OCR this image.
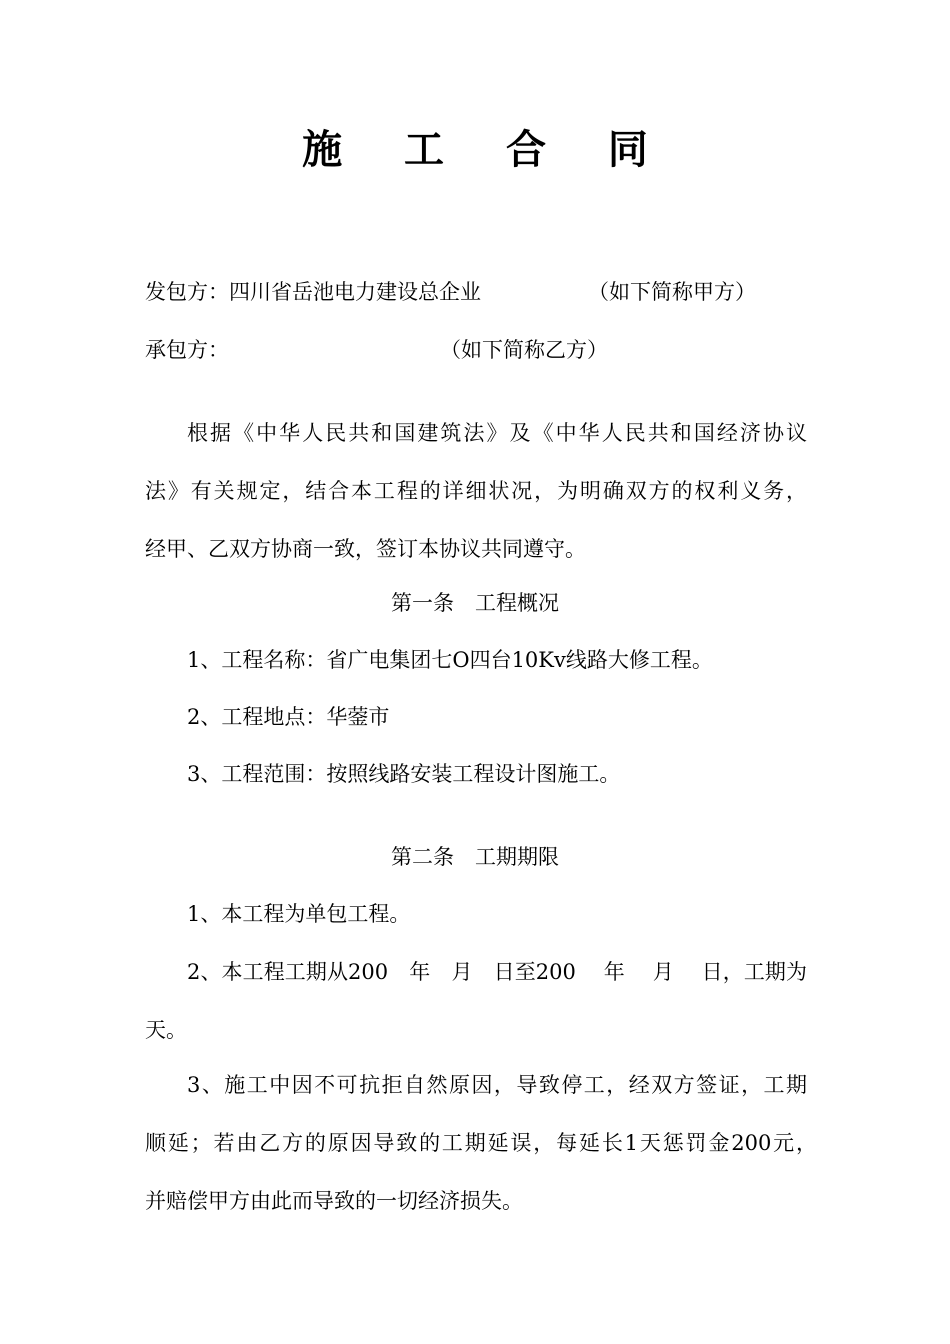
施 工 合 同
发包方：四川省岳池电力建设总企业	（如下简称甲方）
承包方：	（如下简称乙方）
根据《中华人民共和国建筑法》及《中华人民共和国经济协议
法》有关规定，结合本工程的详细状况，为明确双方的权利义务，
经甲、乙双方协商一致，签订本协议共同遵守。
第一条　工程概况
1、工程名称：省广电集团七O四台10Kv线路大修工程。
2、工程地点：华蓥市
3、工程范围：按照线路安装工程设计图施工。
第二条　工期期限
1、本工程为单包工程。
2、本工程工期从200　年　月　日至200　 年　 月　 日，工期为
天。
3、施工中因不可抗拒自然原因，导致停工，经双方签证，工期
顺延；若由乙方的原因导致的工期延误，每延长1天惩罚金200元，
并赔偿甲方由此而导致的一切经济损失。
